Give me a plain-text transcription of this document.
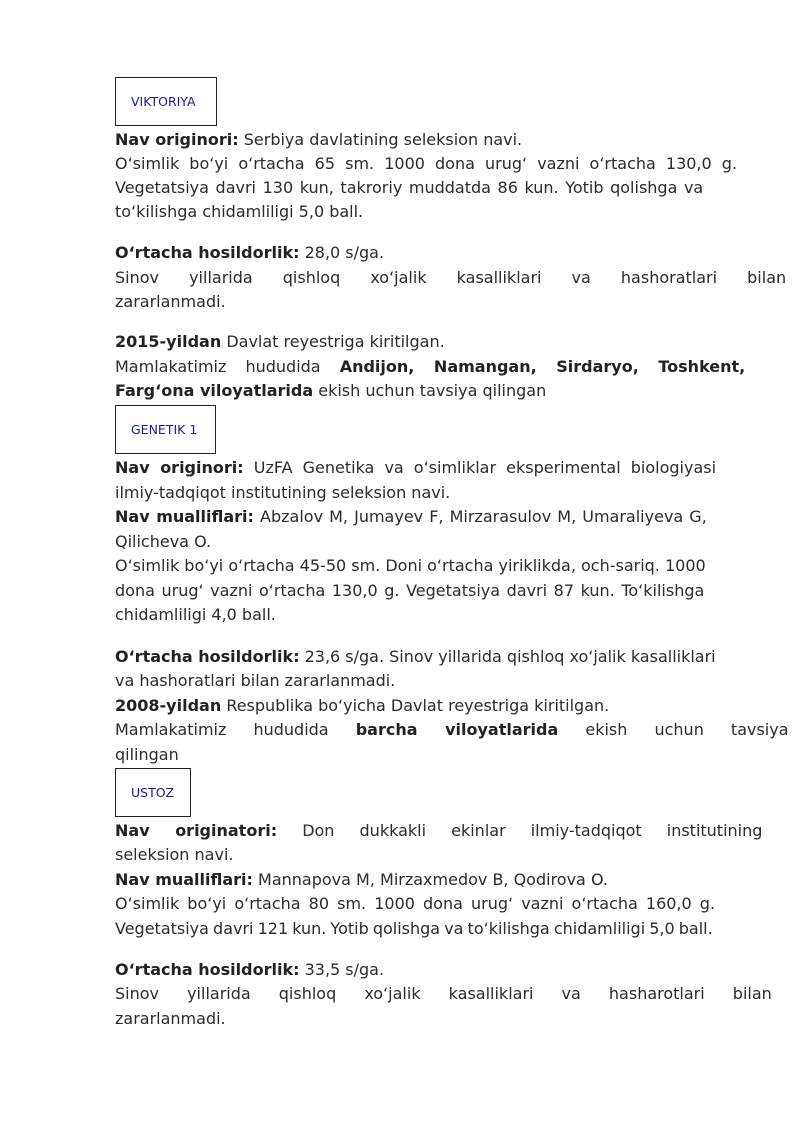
VIKTORIYA
Nav originori: Serbiya davlatining seleksion navi.
O‘simlik bo‘yi o‘rtacha 65 sm. 1000 dona urug‘ vazni o‘rtacha 130,0 g.
Vegetatsiya davri 130 kun, takroriy muddatda 86 kun. Yotib qolishga va
to‘kilishga chidamliligi 5,0 ball.
O‘rtacha hosildorlik: 28,0 s/ga.
Sinov yillarida qishloq xo‘jalik kasalliklari va hashoratlari bilan
zararlanmadi.
2015-yildan Davlat reyestriga kiritilgan.
Mamlakatimiz hududida Andijon, Namangan, Sirdaryo, Toshkent,
Farg‘ona viloyatlarida ekish uchun tavsiya qilingan
GENETIK 1
Nav originori: UzFA Genetika va o‘simliklar eksperimental biologiyasi
ilmiy-tadqiqot institutining seleksion navi.
Nav mualliflari: Abzalov M, Jumayev F, Mirzarasulov M, Umaraliyeva G,
Qilicheva O.
O‘simlik bo‘yi o‘rtacha 45-50 sm. Doni o‘rtacha yiriklikda, och-sariq. 1000
dona urug‘ vazni o‘rtacha 130,0 g. Vegetatsiya davri 87 kun. To‘kilishga
chidamliligi 4,0 ball.
O‘rtacha hosildorlik: 23,6 s/ga. Sinov yillarida qishloq xo‘jalik kasalliklari
va hashoratlari bilan zararlanmadi.
2008-yildan Respublika bo‘yicha Davlat reyestriga kiritilgan.
Mamlakatimiz hududida barcha viloyatlarida ekish uchun tavsiya
qilingan
USTOZ
Nav originatori: Don dukkakli ekinlar ilmiy-tadqiqot institutining
seleksion navi.
Nav mualliflari: Mannapova M, Mirzaxmedov B, Qodirova O.
O‘simlik bo‘yi o‘rtacha 80 sm. 1000 dona urug‘ vazni o‘rtacha 160,0 g.
Vegetatsiya davri 121 kun. Yotib qolishga va to‘kilishga chidamliligi 5,0 ball.
O‘rtacha hosildorlik: 33,5 s/ga.
Sinov yillarida qishloq xo‘jalik kasalliklari va hasharotlari bilan
zararlanmadi.
